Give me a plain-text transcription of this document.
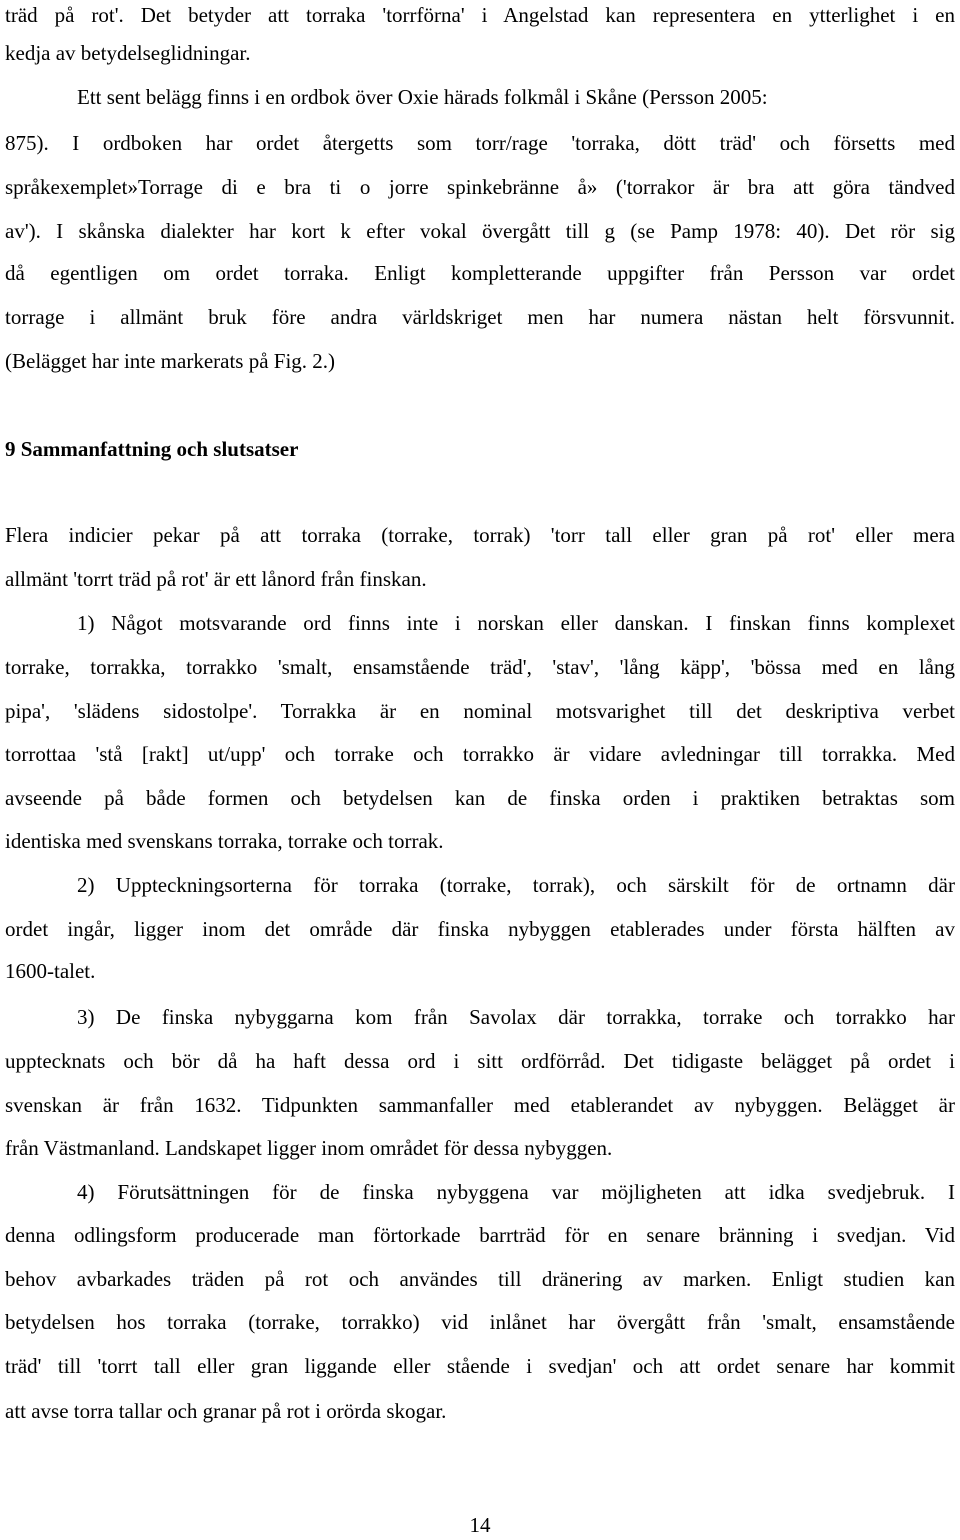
träd på rot'. Det betyder att torraka 'torrförna' i Angelstad kan representera en ytterlighet i en
kedja av betydelseglidningar.
Ett sent belägg finns i en ordbok över Oxie härads folkmål i Skåne (Persson 2005:
875). I ordboken har ordet återgetts som torr/rage 'torraka, dött träd' och försetts med
språkexemplet»Torrage di e bra ti o jorre spinkebränne å» ('torrakor är bra att göra tändved
av'). I skånska dialekter har kort k efter vokal övergått till g (se Pamp 1978: 40). Det rör sig
då egentligen om ordet torraka. Enligt kompletterande uppgifter från Persson var ordet
torrage i allmänt bruk före andra världskriget men har numera nästan helt försvunnit.
(Belägget har inte markerats på Fig. 2.)
9 Sammanfattning och slutsatser
Flera indicier pekar på att torraka (torrake, torrak) 'torr tall eller gran på rot' eller mera
allmänt 'torrt träd på rot' är ett lånord från finskan.
1) Något motsvarande ord finns inte i norskan eller danskan. I finskan finns komplexet
torrake, torrakka, torrakko 'smalt, ensamstående träd', 'stav', 'lång käpp', 'bössa med en lång
pipa', 'slädens sidostolpe'. Torrakka är en nominal motsvarighet till det deskriptiva verbet
torrottaa 'stå [rakt] ut/upp' och torrake och torrakko är vidare avledningar till torrakka. Med
avseende på både formen och betydelsen kan de finska orden i praktiken betraktas som
identiska med svenskans torraka, torrake och torrak.
2) Uppteckningsorterna för torraka (torrake, torrak), och särskilt för de ortnamn där
ordet ingår, ligger inom det område där finska nybyggen etablerades under första hälften av
1600-talet.
3) De finska nybyggarna kom från Savolax där torrakka, torrake och torrakko har
upptecknats och bör då ha haft dessa ord i sitt ordförråd. Det tidigaste belägget på ordet i
svenskan är från 1632. Tidpunkten sammanfaller med etablerandet av nybyggen. Belägget är
från Västmanland. Landskapet ligger inom området för dessa nybyggen.
4) Förutsättningen för de finska nybyggena var möjligheten att idka svedjebruk. I
denna odlingsform producerade man förtorkade barrträd för en senare bränning i svedjan. Vid
behov avbarkades träden på rot och användes till dränering av marken. Enligt studien kan
betydelsen hos torraka (torrake, torrakko) vid inlånet har övergått från 'smalt, ensamstående
träd' till 'torrt tall eller gran liggande eller stående i svedjan' och att ordet senare har kommit
att avse torra tallar och granar på rot i orörda skogar.
14
